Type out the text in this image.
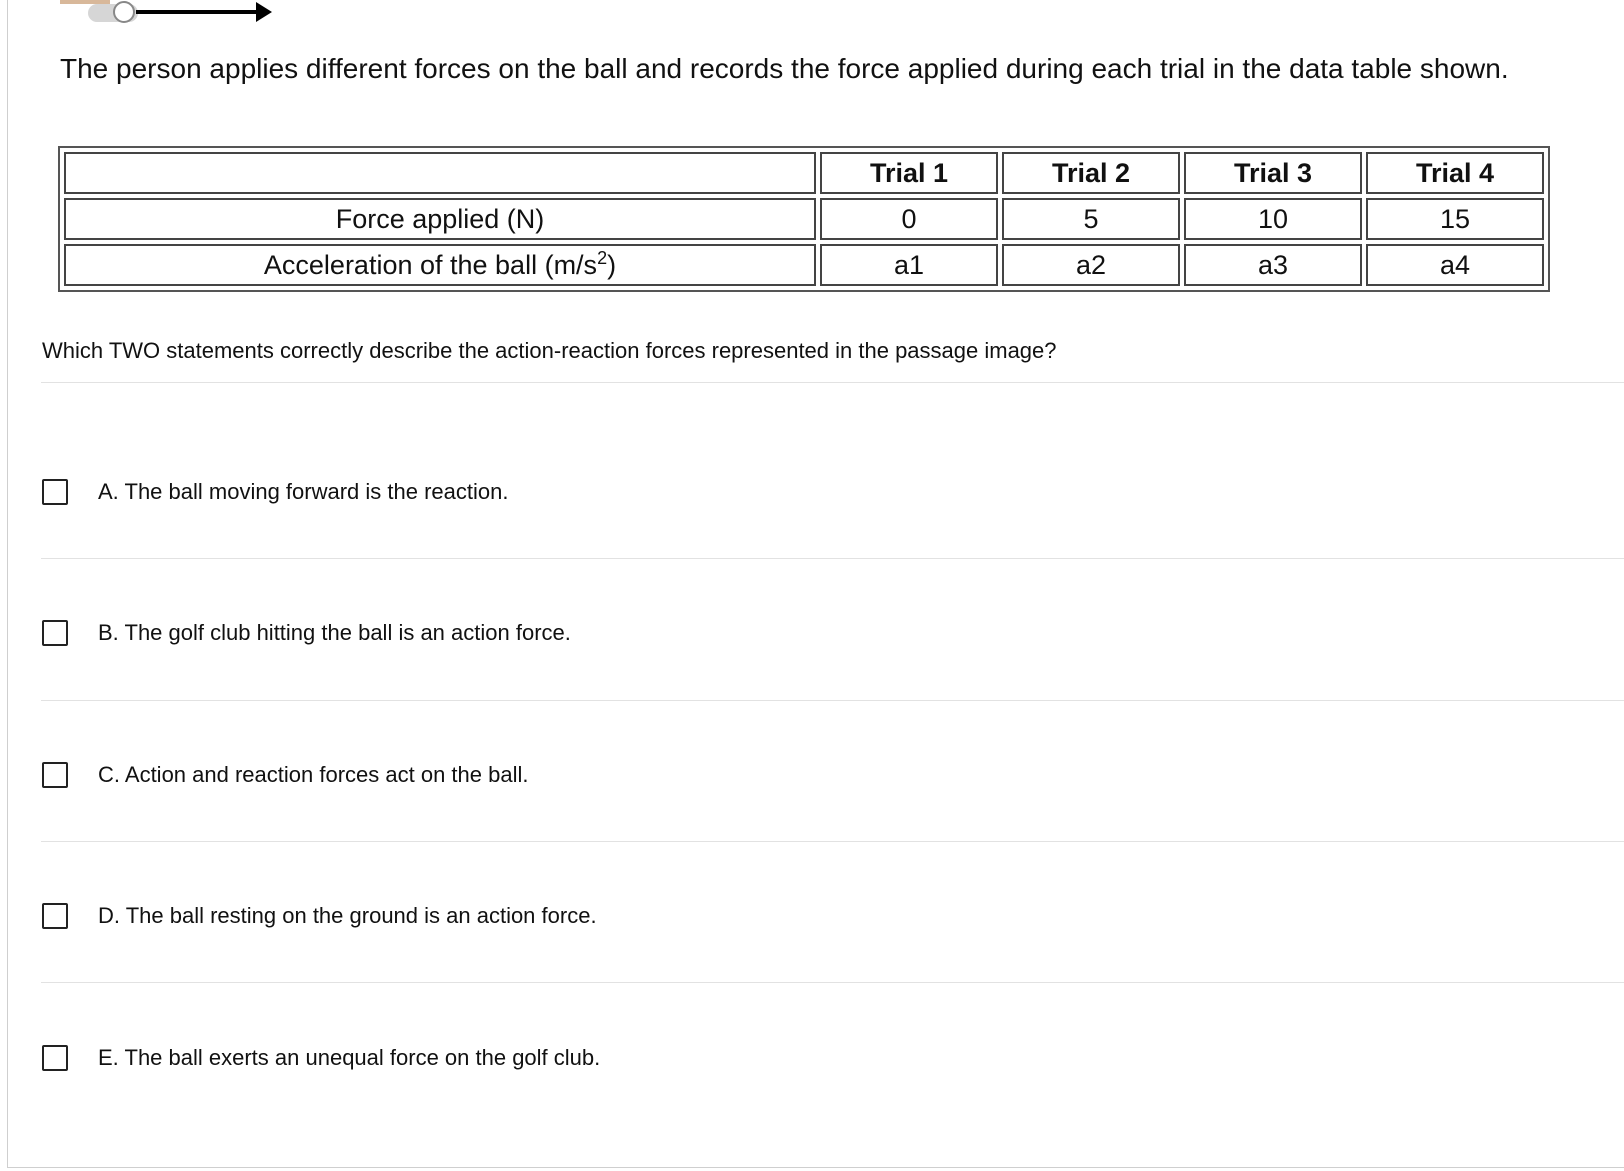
The person applies different forces on the ball and records the force applied during each trial in the data table shown.
	Trial 1	Trial 2	Trial 3	Trial 4
Force applied (N)	0	5	10	15
Acceleration of the ball $(m/s^2)$	a1	a2	a3	a4
Which TWO statements correctly describe the action-reaction forces represented in the passage image?
A. The ball moving forward is the reaction.
B. The golf club hitting the ball is an action force.
C. Action and reaction forces act on the ball.
D. The ball resting on the ground is an action force.
E. The ball exerts an unequal force on the golf club.
